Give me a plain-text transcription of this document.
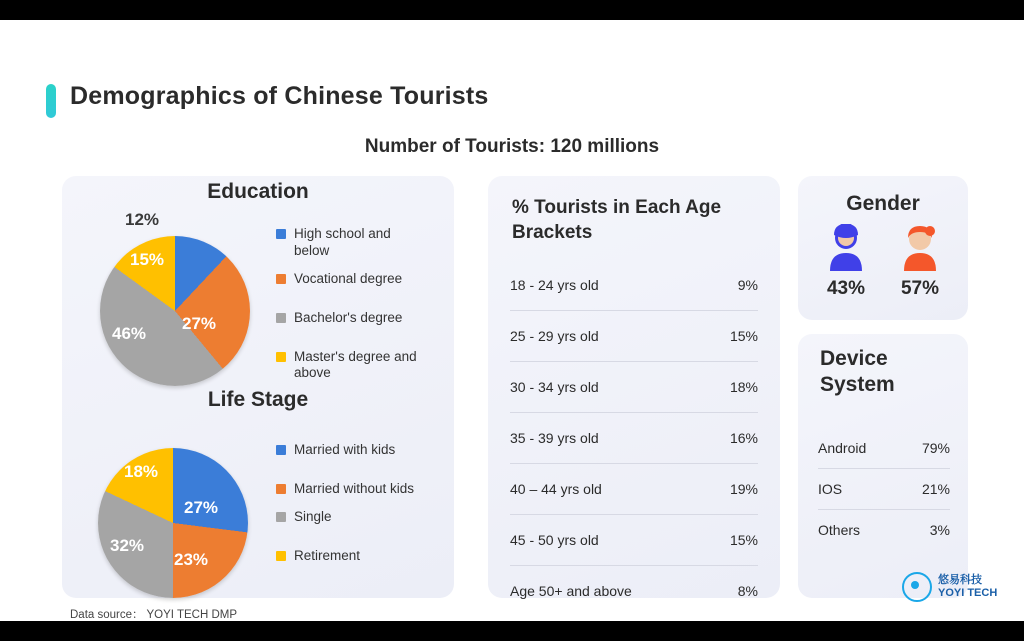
Demographics of Chinese Tourists
Number of Tourists: 120 millions
Education
12%
27%
46%
15%
High school and below
Vocational degree
Bachelor's degree
Master's degree and above
Life Stage
27%
23%
32%
18%
Married with kids
Married without kids
Single
Retirement
% Tourists in Each Age Brackets
18 - 24 yrs old	9%
25 - 29 yrs old	15%
30 - 34 yrs old	18%
35 - 39 yrs old	16%
40 – 44 yrs old	19%
45 - 50 yrs old	15%
Age 50+ and above	8%
Gender
43% 57%
Device System
Android	79%
IOS	21%
Others	3%
Data source： YOYI TECH DMP
悠易科技
YOYI TECH
